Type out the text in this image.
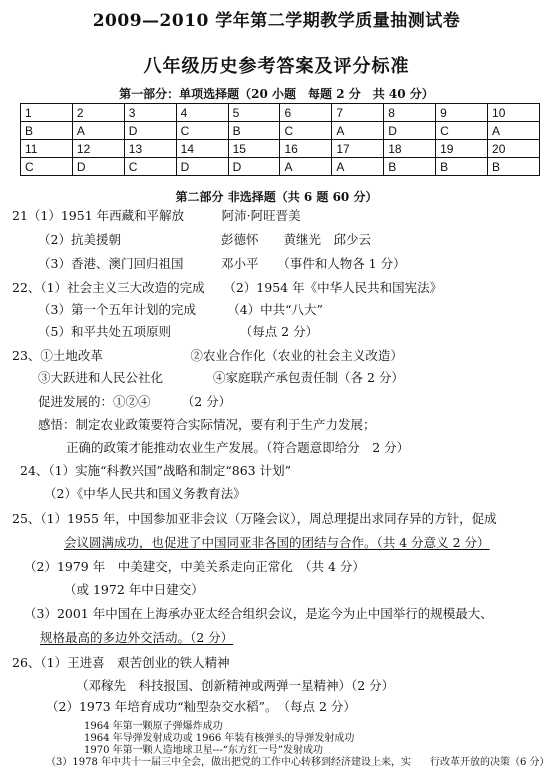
2009—2010 学年第二学期教学质量抽测试卷
八年级历史参考答案及评分标准
第一部分：单项选择题（20 小题　每题 2 分　共 40 分）
1	2	3	4	5	6	7	8	9	10
B	A	D	C	B	C	A	D	C	A
11	12	13	14	15	16	17	18	19	20
C	D	C	D	D	A	A	B	B	B
第二部分 非选择题（共 6 题 60 分）
21（1）1951 年西藏和平解放　　　阿沛·阿旺晋美
（2）抗美援朝　　　　　　　　彭德怀　　黄继光　邱少云
（3）香港、澳门回归祖国　　　邓小平　　（事件和人物各 1 分）
22、（1）社会主义三大改造的完成　　（2）1954 年《中华人民共和国宪法》
（3）第一个五年计划的完成　　　（4）中共“八大”
（5）和平共处五项原则　　　　　　（每点 2 分）
23、①土地改革　　　　　　　②农业合作化（农业的社会主义改造）
③大跃进和人民公社化　　　　④家庭联产承包责任制（各 2 分）
促进发展的：①②④　　　（2 分）
感悟：制定农业政策要符合实际情况，要有利于生产力发展；
正确的政策才能推动农业生产发展。（符合题意即给分　2 分）
24、（1）实施“科教兴国”战略和制定“863 计划”
（2）《中华人民共和国义务教育法》
25、（1）1955 年，中国参加亚非会议（万隆会议），周总理提出求同存异的方针，促成
会议圆满成功，也促进了中国同亚非各国的团结与合作。（共 4 分意义 2 分）
（2）1979 年　中美建交，中美关系走向正常化　（共 4 分）
（或 1972 年中日建交）
（3）2001 年中国在上海承办亚太经合组织会议，是迄今为止中国举行的规模最大、
规格最高的多边外交活动。（2 分）
26、（1）王进喜　艰苦创业的铁人精神
（邓稼先　科技报国、创新精神或两弹一星精神）（2 分）
（2）1973 年培育成功“籼型杂交水稻”。　（每点 2 分）
1964 年第一颗原子弹爆炸成功
1964 年导弹发射成功或 1966 年装有核弹头的导弹发射成功
1970 年第一颗人造地球卫星---“东方红一号”发射成功
（3）1978 年中共十一届三中全会，做出把党的工作中心转移到经济建设上来，实 行改革开放的决策（6 分）
